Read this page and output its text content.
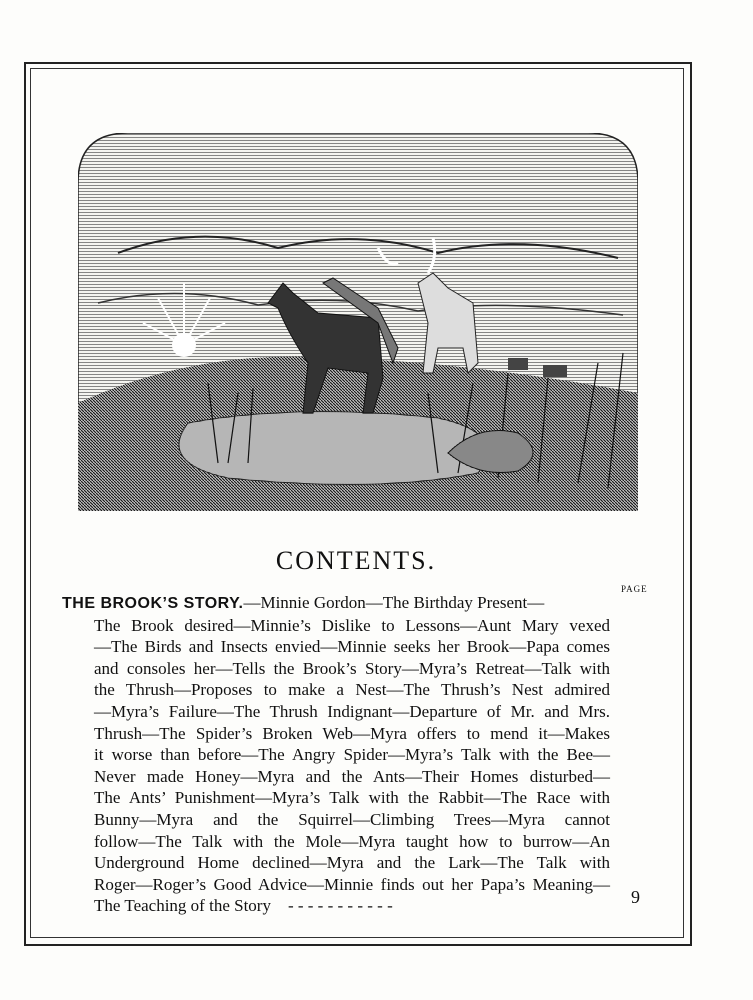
CONTENTS.
PAGE
THE BROOK’S STORY.—Minnie Gordon—The Birthday Present—
The Brook desired—Minnie’s Dislike to Lessons—Aunt Mary vexed
—The Birds and Insects envied—Minnie seeks her Brook—Papa comes
and consoles her—Tells the Brook’s Story—Myra’s Retreat—Talk with
the Thrush—Proposes to make a Nest—The Thrush’s Nest admired
—Myra’s Failure—The Thrush Indignant—Departure of Mr. and Mrs.
Thrush—The Spider’s Broken Web—Myra offers to mend it—Makes
it worse than before—The Angry Spider—Myra’s Talk with the Bee—
Never made Honey—Myra and the Ants—Their Homes disturbed—
The Ants’ Punishment—Myra’s Talk with the Rabbit—The Race with
Bunny—Myra and the Squirrel—Climbing Trees—Myra cannot
follow—The Talk with the Mole—Myra taught how to burrow—An
Underground Home declined—Myra and the Lark—The Talk with
Roger—Roger’s Good Advice—Minnie finds out her Papa’s Meaning—
The Teaching of the Story - - - - - - - - - - -	9
